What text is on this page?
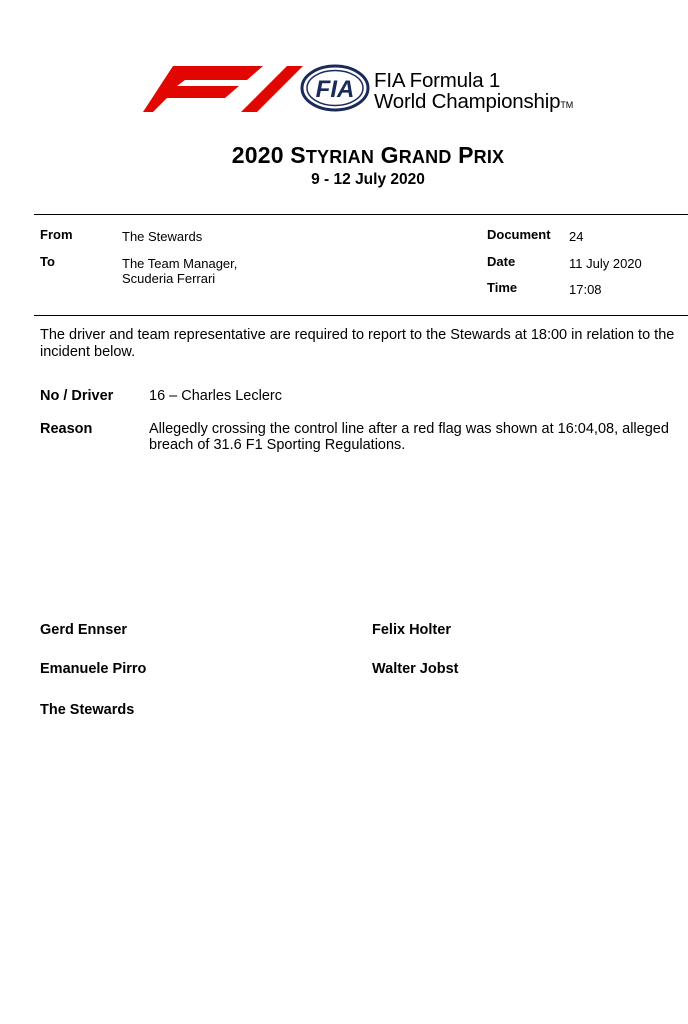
FIA FIA Formula 1
World ChampionshipTM
2020 STYRIAN GRAND PRIX
9 - 12 July 2020
From	The Stewards
To	The Team Manager,
Scuderia Ferrari
Document 24
Date	11 July 2020
Time	17:08
The driver and team representative are required to report to the Stewards at 18:00 in relation to the incident below.
No / Driver 16 – Charles Leclerc
Reason	Allegedly crossing the control line after a red flag was shown at 16:04,08, alleged breach of 31.6 F1 Sporting Regulations.
Gerd Ennser	Felix Holter
Emanuele Pirro	Walter Jobst
The Stewards
